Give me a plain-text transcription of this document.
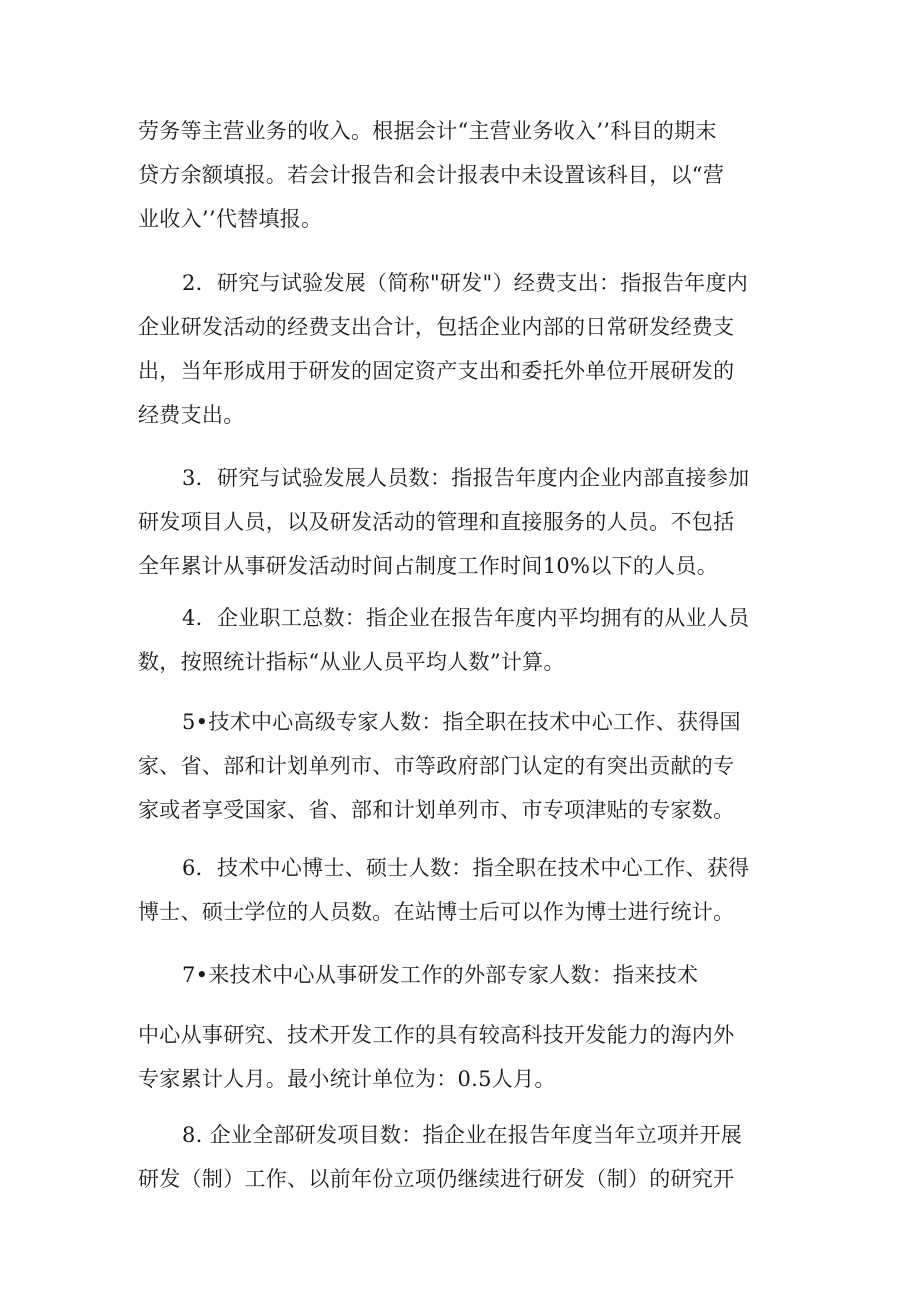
劳务等主营业务的收入。根据会计“主营业务收入’’科目的期末
贷方余额填报。若会计报告和会计报表中未设置该科目，以“营
业收入’’代替填报。
2．研究与试验发展（简称"研发"）经费支出：指报告年度内
企业研发活动的经费支出合计，包括企业内部的日常研发经费支
出，当年形成用于研发的固定资产支出和委托外单位开展研发的
经费支出。
3．研究与试验发展人员数：指报告年度内企业内部直接参加
研发项目人员，以及研发活动的管理和直接服务的人员。不包括
全年累计从事研发活动时间占制度工作时间10%以下的人员。
4．企业职工总数：指企业在报告年度内平均拥有的从业人员
数，按照统计指标“从业人员平均人数”计算。
5•技术中心高级专家人数：指全职在技术中心工作、获得国
家、省、部和计划单列市、市等政府部门认定的有突出贡献的专
家或者享受国家、省、部和计划单列市、市专项津贴的专家数。
6．技术中心博士、硕士人数：指全职在技术中心工作、获得
博士、硕士学位的人员数。在站博士后可以作为博士进行统计。
7•来技术中心从事研发工作的外部专家人数：指来技术
中心从事研究、技术开发工作的具有较高科技开发能力的海内外
专家累计人月。最小统计单位为：0.5人月。
8. 企业全部研发项目数：指企业在报告年度当年立项并开展
研发（制）工作、以前年份立项仍继续进行研发（制）的研究开
